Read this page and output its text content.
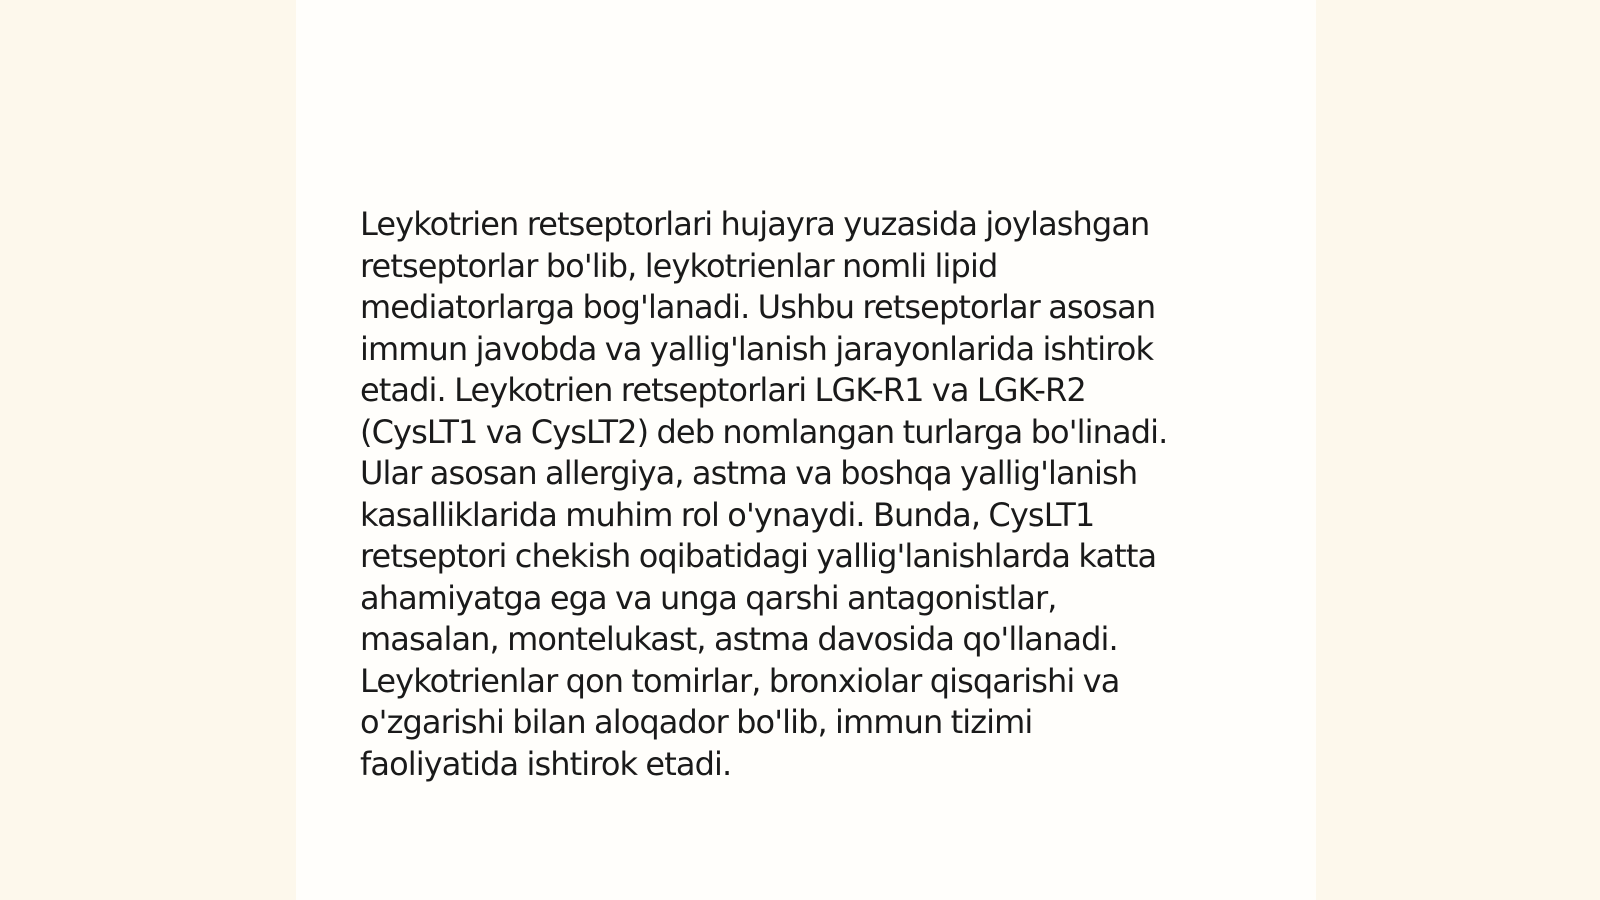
Leykotrien retseptorlari hujayra yuzasida joylashgan
retseptorlar bo'lib, leykotrienlar nomli lipid
mediatorlarga bog'lanadi. Ushbu retseptorlar asosan
immun javobda va yallig'lanish jarayonlarida ishtirok
etadi. Leykotrien retseptorlari LGK-R1 va LGK-R2
(CysLT1 va CysLT2) deb nomlangan turlarga bo'linadi.
Ular asosan allergiya, astma va boshqa yallig'lanish
kasalliklarida muhim rol o'ynaydi. Bunda, CysLT1
retseptori chekish oqibatidagi yallig'lanishlarda katta
ahamiyatga ega va unga qarshi antagonistlar,
masalan, montelukast, astma davosida qo'llanadi.
Leykotrienlar qon tomirlar, bronxiolar qisqarishi va
o'zgarishi bilan aloqador bo'lib, immun tizimi
faoliyatida ishtirok etadi.
